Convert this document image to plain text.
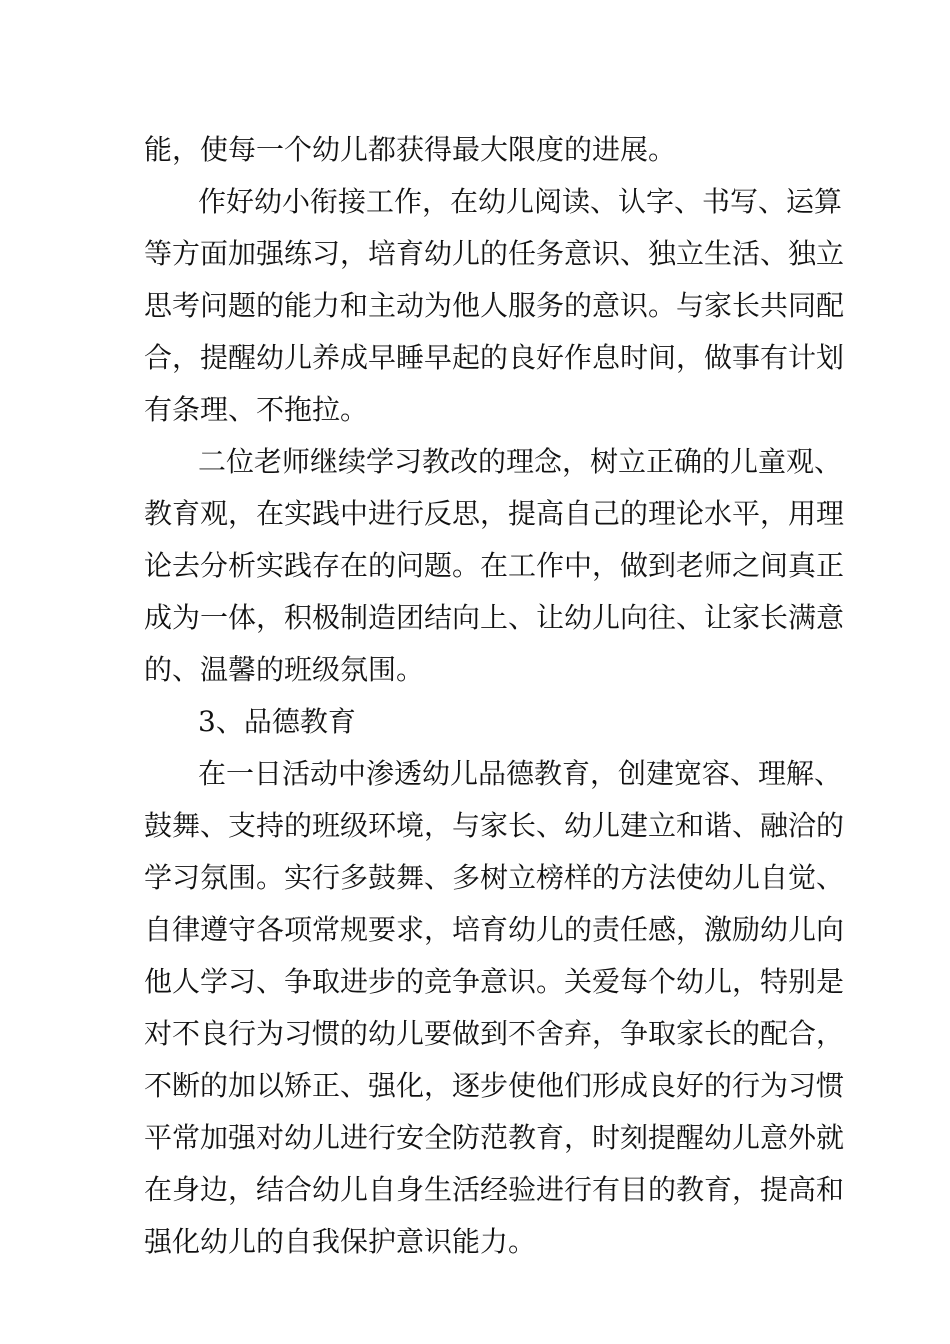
能，使每一个幼儿都获得最大限度的进展。
作好幼小衔接工作，在幼儿阅读、认字、书写、运算
等方面加强练习，培育幼儿的任务意识、独立生活、独立
思考问题的能力和主动为他人服务的意识。与家长共同配
合，提醒幼儿养成早睡早起的良好作息时间，做事有计划
有条理、不拖拉。
二位老师继续学习教改的理念，树立正确的儿童观、
教育观，在实践中进行反思，提高自己的理论水平，用理
论去分析实践存在的问题。在工作中，做到老师之间真正
成为一体，积极制造团结向上、让幼儿向往、让家长满意
的、温馨的班级氛围。
3、品德教育
在一日活动中渗透幼儿品德教育，创建宽容、理解、
鼓舞、支持的班级环境，与家长、幼儿建立和谐、融洽的
学习氛围。实行多鼓舞、多树立榜样的方法使幼儿自觉、
自律遵守各项常规要求，培育幼儿的责任感，激励幼儿向
他人学习、争取进步的竞争意识。关爱每个幼儿，特别是
对不良行为习惯的幼儿要做到不舍弃，争取家长的配合，
不断的加以矫正、强化，逐步使他们形成良好的行为习惯
平常加强对幼儿进行安全防范教育，时刻提醒幼儿意外就
在身边，结合幼儿自身生活经验进行有目的教育，提高和
强化幼儿的自我保护意识能力。
